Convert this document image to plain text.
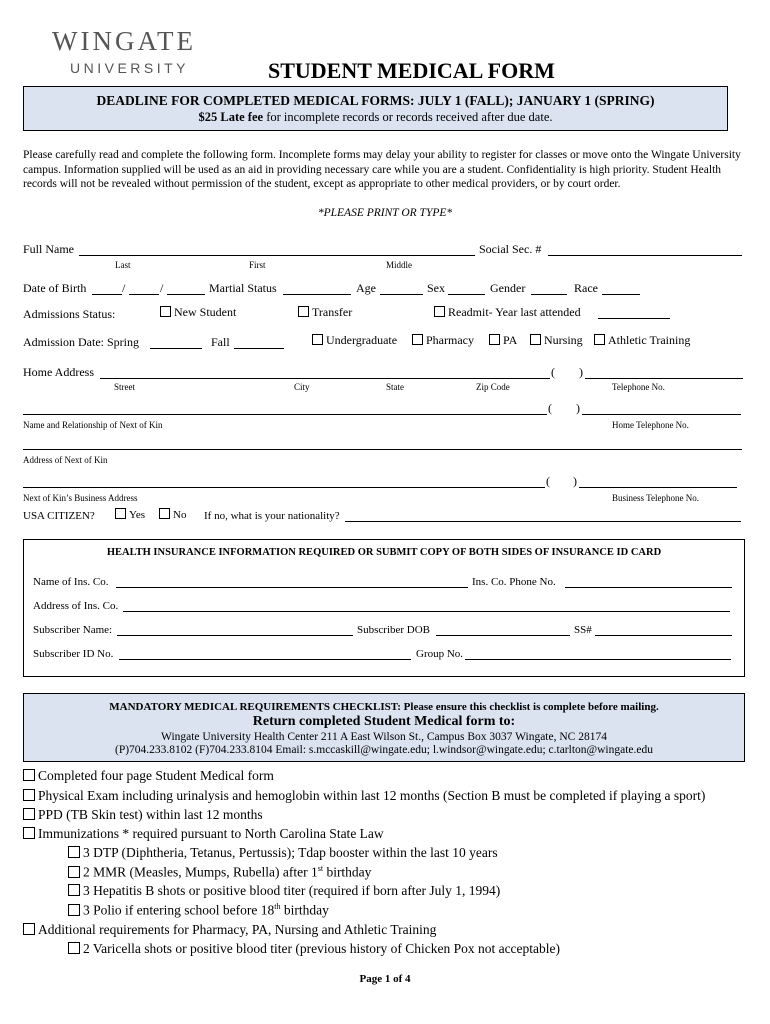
WINGATE
UNIVERSITY	STUDENT MEDICAL FORM
DEADLINE FOR COMPLETED MEDICAL FORMS: JULY 1 (FALL); JANUARY 1 (SPRING)
$25 Late fee for incomplete records or records received after due date.
Please carefully read and complete the following form. Incomplete forms may delay your ability to register for classes or move onto the Wingate University campus. Information supplied will be used as an aid in providing necessary care while you are a student. Confidentiality is high priority. Student Health records will not be revealed without permission of the student, except as appropriate to other medical providers, or by court order.
*PLEASE PRINT OR TYPE*
Full Name	Social Sec. #
Last	First	Middle
Date of Birth	/	/	Martial Status	Age	Sex	Gender	Race
Admissions Status:	New Student	Transfer	Readmit- Year last attended
Admission Date: Spring	Fall	Undergraduate	Pharmacy	PA	Nursing	Athletic Training
Home Address	( )
Street	City	State	Zip Code	Telephone No.
( )
Name and Relationship of Next of Kin	Home Telephone No.
Address of Next of Kin
( )
Next of Kin’s Business Address	Business Telephone No.
USA CITIZEN?	Yes	No If no, what is your nationality?
HEALTH INSURANCE INFORMATION REQUIRED OR SUBMIT COPY OF BOTH SIDES OF INSURANCE ID CARD
Name of Ins. Co.	Ins. Co. Phone No.
Address of Ins. Co.
Subscriber Name:	Subscriber DOB	SS#
Subscriber ID No.	Group No.
MANDATORY MEDICAL REQUIREMENTS CHECKLIST: Please ensure this checklist is complete before mailing.
Return completed Student Medical form to:
Wingate University Health Center 211 A East Wilson St., Campus Box 3037 Wingate, NC 28174
(P)704.233.8102 (F)704.233.8104 Email: s.mccaskill@wingate.edu; l.windsor@wingate.edu; c.tarlton@wingate.edu
Completed four page Student Medical form
Physical Exam including urinalysis and hemoglobin within last 12 months (Section B must be completed if playing a sport)
PPD (TB Skin test) within last 12 months
Immunizations * required pursuant to North Carolina State Law
3 DTP (Diphtheria, Tetanus, Pertussis); Tdap booster within the last 10 years
2 MMR (Measles, Mumps, Rubella) after 1st birthday
3 Hepatitis B shots or positive blood titer (required if born after July 1, 1994)
3 Polio if entering school before 18th birthday
Additional requirements for Pharmacy, PA, Nursing and Athletic Training
2 Varicella shots or positive blood titer (previous history of Chicken Pox not acceptable)
Page 1 of 4
